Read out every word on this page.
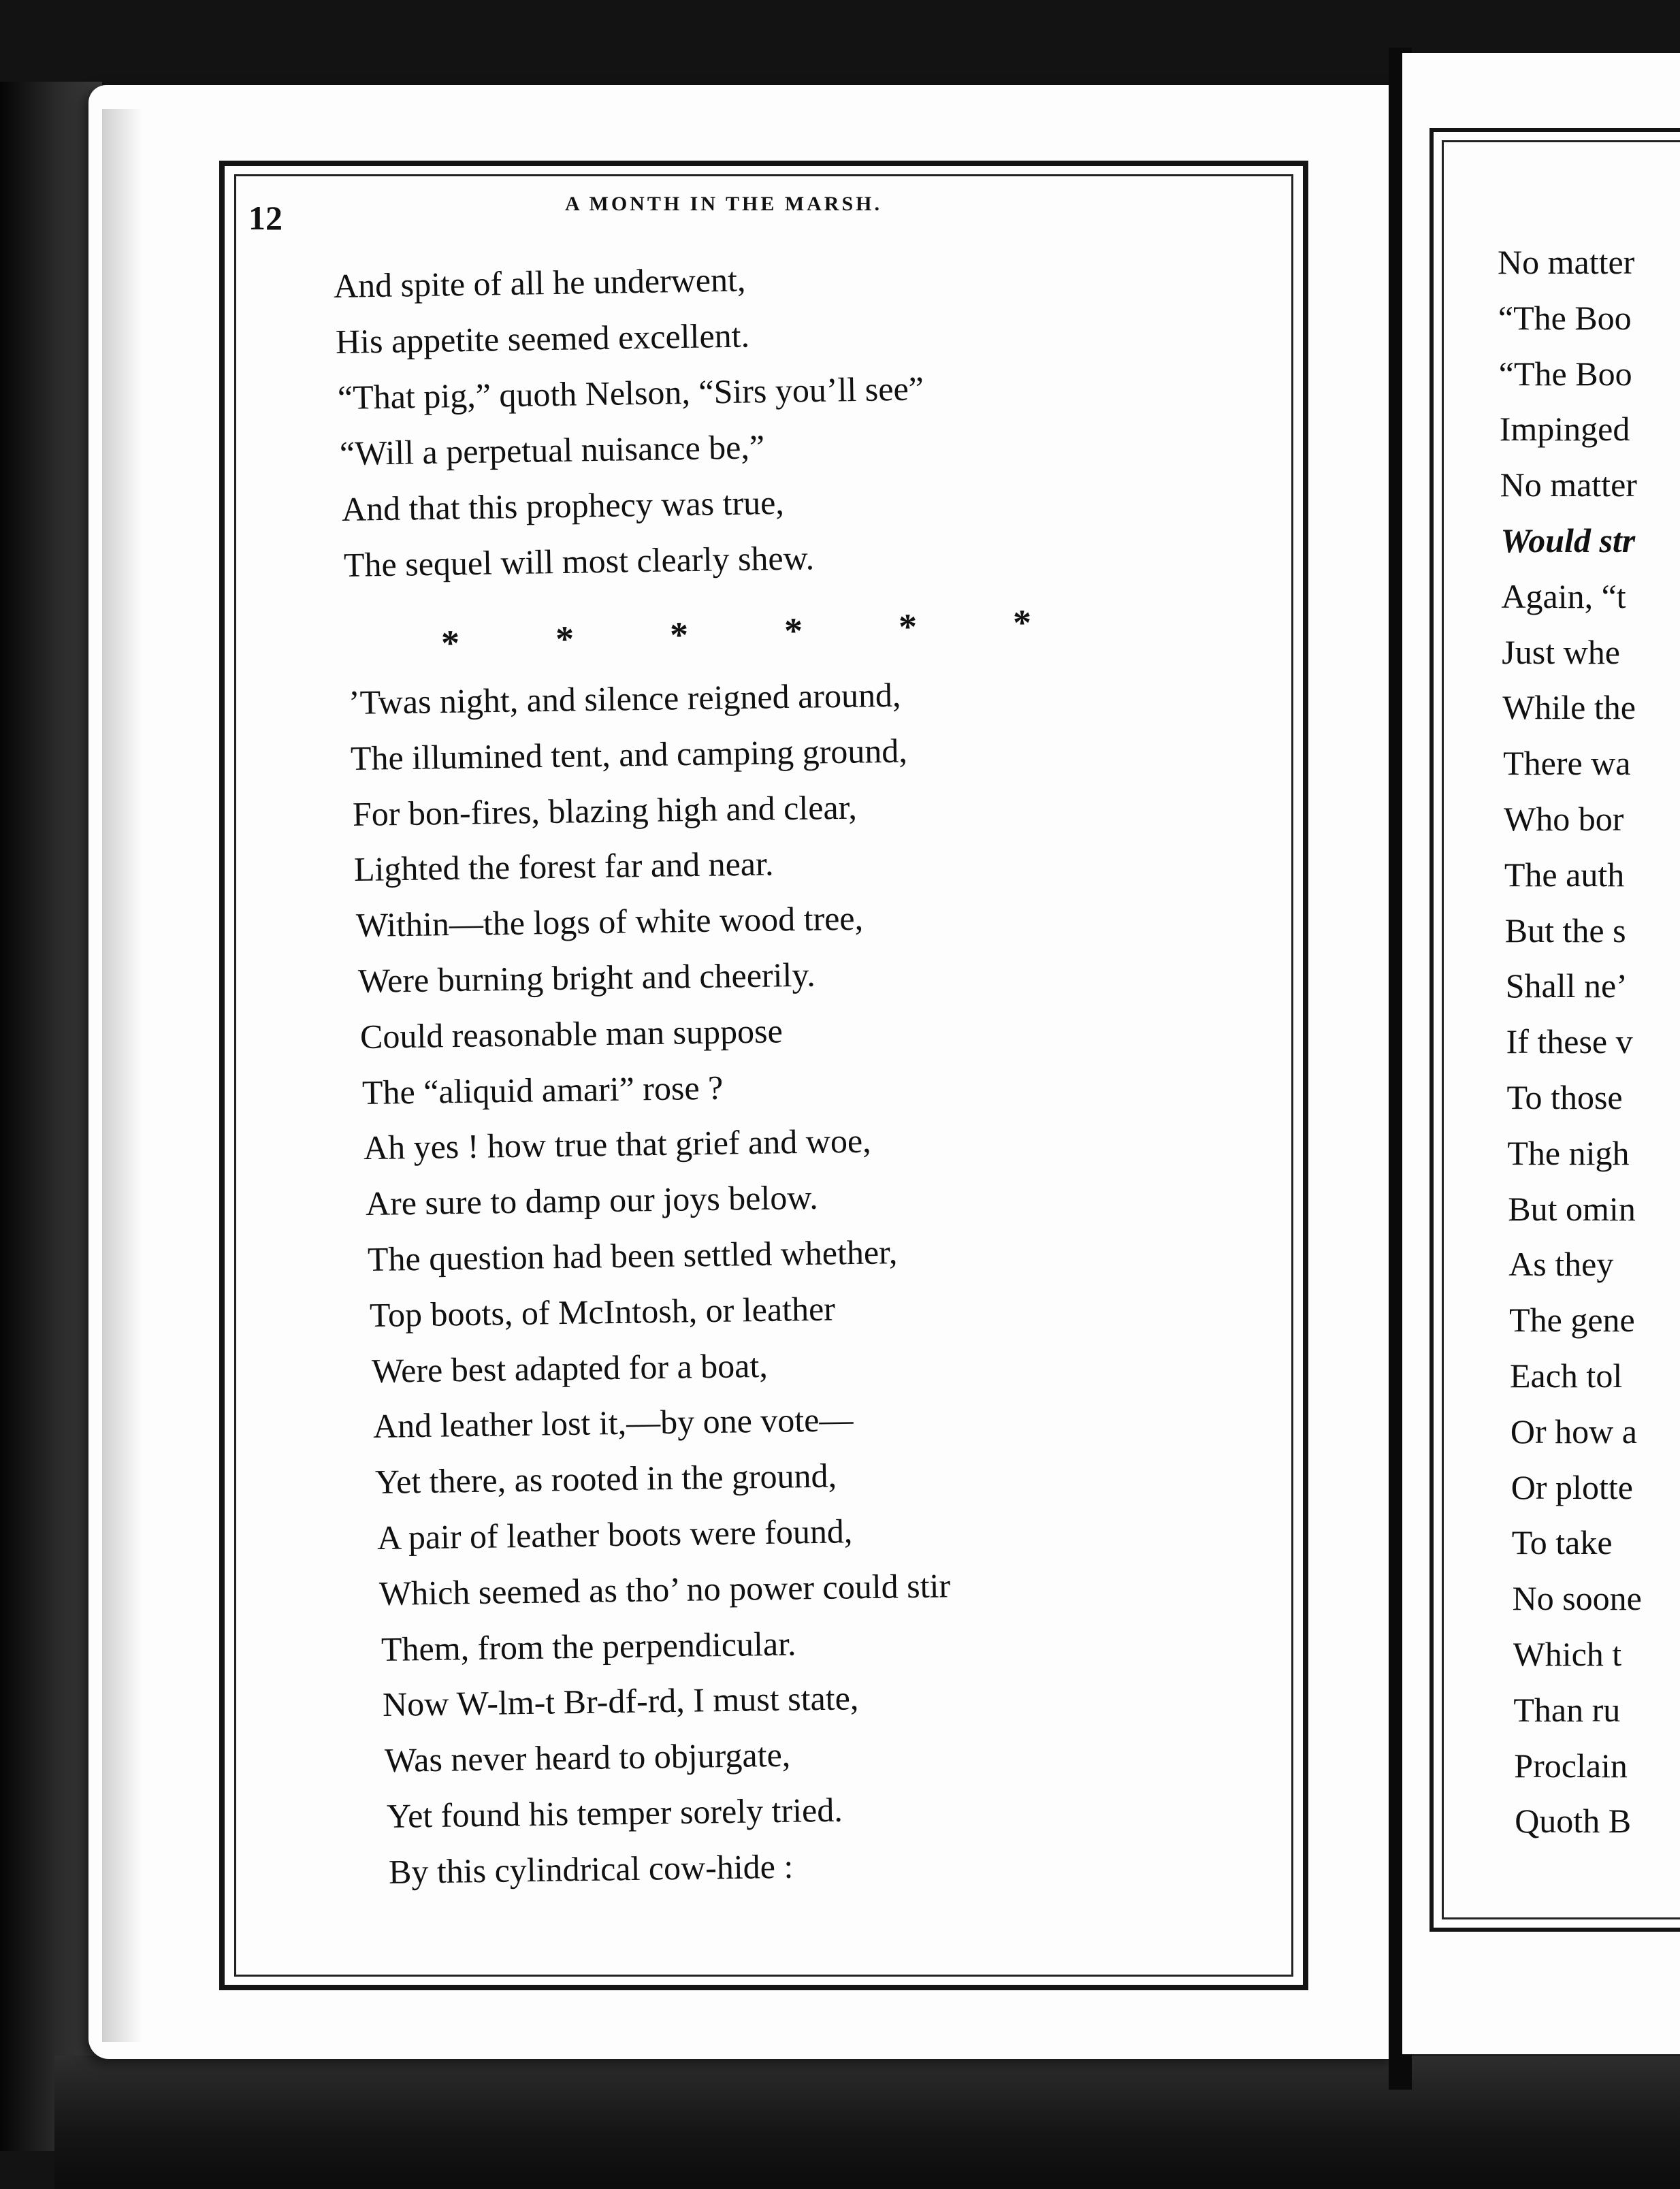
12	A MONTH IN THE MARSH.
And spite of all he underwent,
His appetite seemed excellent.
“That pig,” quoth Nelson, “Sirs you’ll see”
“Will a perpetual nuisance be,”
And that this prophecy was true,
The sequel will most clearly shew.
*	*	*	*	*	*
’Twas night, and silence reigned around,
The illumined tent, and camping ground,
For bon-fires, blazing high and clear,
Lighted the forest far and near.
Within—the logs of white wood tree,
Were burning bright and cheerily.
Could reasonable man suppose
The “aliquid amari” rose ?
Ah yes ! how true that grief and woe,
Are sure to damp our joys below.
The question had been settled whether,
Top boots, of McIntosh, or leather
Were best adapted for a boat,
And leather lost it,—by one vote—
Yet there, as rooted in the ground,
A pair of leather boots were found,
Which seemed as tho’ no power could stir
Them, from the perpendicular.
Now W-lm-t Br-df-rd, I must state,
Was never heard to objurgate,
Yet found his temper sorely tried.
By this cylindrical cow-hide :
No matter
“The Boo
“The Boo
Impinged
No matter
Would str
Again, “t
Just whe
While the
There wa
Who bor
The auth
But the s
Shall ne’
If these v
To those
The nigh
But omin
As they
The gene
Each tol
Or how a
Or plotte
To take
No soone
Which t
Than ru
Proclain
Quoth B
